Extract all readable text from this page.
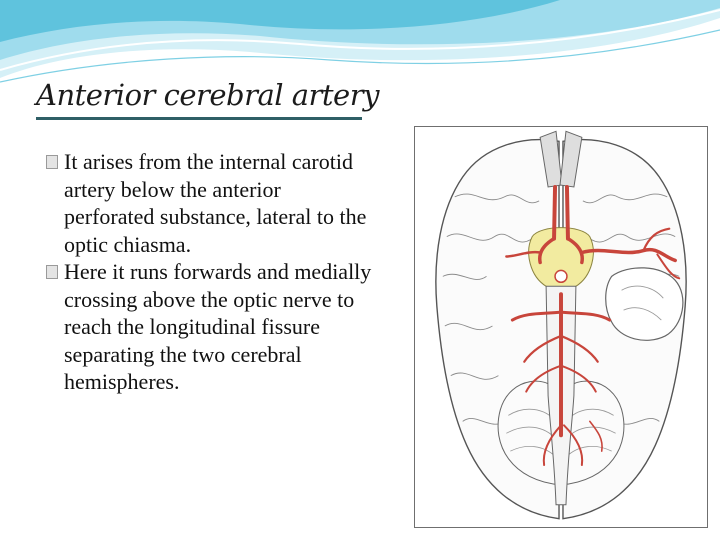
Anterior cerebral artery
It arises from the internal carotid artery below the anterior perforated substance, lateral to the optic chiasma.
Here it runs forwards and medially crossing above the optic nerve to reach the longitudinal fissure separating the two cerebral hemispheres.
